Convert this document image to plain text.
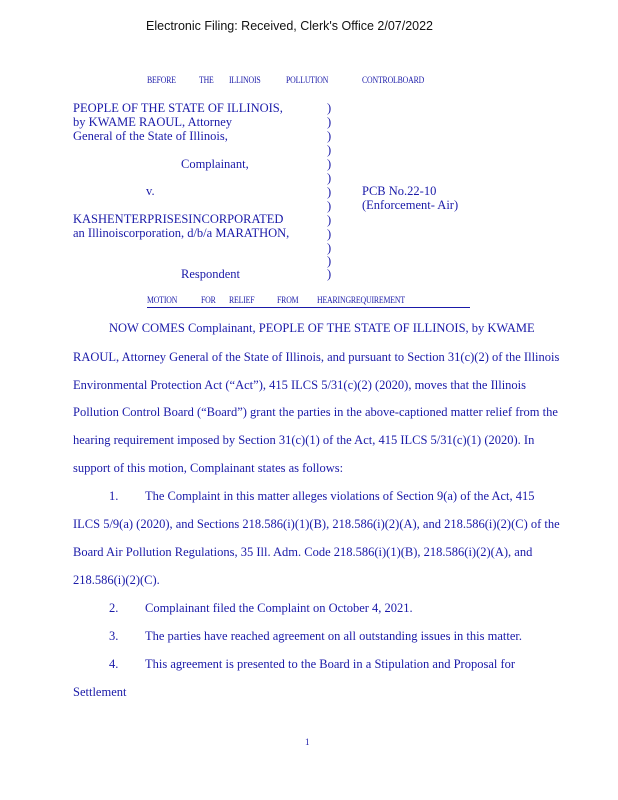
Electronic Filing: Received, Clerk's Office 2/07/2022
BEFORE THE ILLINOIS	POLLUTION	CONTROLBOARD
PEOPLE OF THE STATE OF ILLINOIS,
by KWAME RAOUL, Attorney
General of the State of Illinois,
Complainant,
v.
KASHENTERPRISESINCORPORATED
an Illinoiscorporation, d/b/a MARATHON,
Respondent
)
)
)
)
)
)
)
)
)
)
)
)
)
PCB No.22-10
(Enforcement- Air)
MOTION	FOR RELIEF FROM HEARINGREQUIREMENT
NOW COMES Complainant, PEOPLE OF THE STATE OF ILLINOIS, by KWAME
RAOUL, Attorney General of the State of Illinois, and pursuant to Section 31(c)(2) of the Illinois
Environmental Protection Act (“Act”), 415 ILCS 5/31(c)(2) (2020), moves that the Illinois
Pollution Control Board (“Board”) grant the parties in the above-captioned matter relief from the
hearing requirement imposed by Section 31(c)(1) of the Act, 415 ILCS 5/31(c)(1) (2020). In
support of this motion, Complainant states as follows:
1. The Complaint in this matter alleges violations of Section 9(a) of the Act, 415
ILCS 5/9(a) (2020), and Sections 218.586(i)(1)(B), 218.586(i)(2)(A), and 218.586(i)(2)(C) of the
Board Air Pollution Regulations, 35 Ill. Adm. Code 218.586(i)(1)(B), 218.586(i)(2)(A), and
218.586(i)(2)(C).
2. Complainant filed the Complaint on October 4, 2021.
3. The parties have reached agreement on all outstanding issues in this matter.
4. This agreement is presented to the Board in a Stipulation and Proposal for
Settlement
1
